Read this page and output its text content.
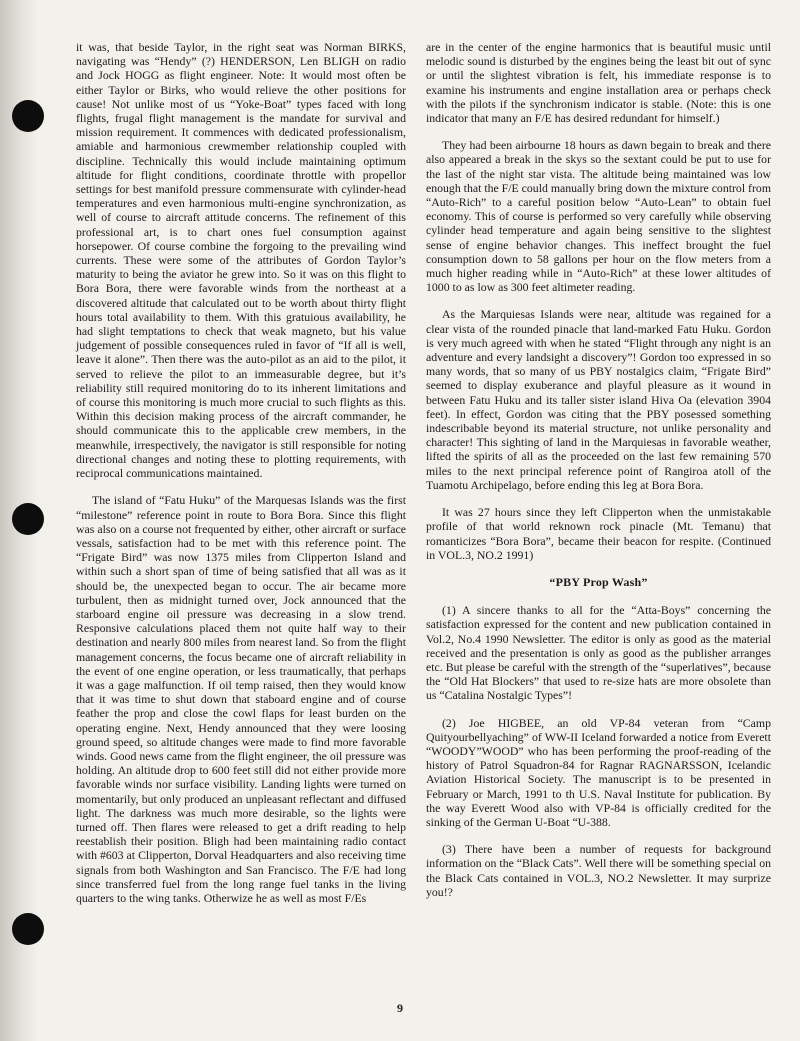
it was, that beside Taylor, in the right seat was Norman BIRKS, navigating was “Hendy” (?) HENDERSON, Len BLIGH on radio and Jock HOGG as flight engineer. Note: It would most often be either Taylor or Birks, who would relieve the other positions for cause! Not unlike most of us “Yoke-Boat” types faced with long flights, frugal flight management is the mandate for survival and mission requirement. It commences with dedicated professionalism, amiable and harmonious crewmember relationship coupled with discipline. Technically this would include maintaining optimum altitude for flight conditions, coordinate throttle with propellor settings for best manifold pressure commensurate with cylinder-head temperatures and even harmonious multi-engine synchronization, as well of course to aircraft attitude concerns. The refinement of this professional art, is to chart ones fuel consumption against horsepower. Of course combine the forgoing to the prevailing wind currents. These were some of the attributes of Gordon Taylor’s maturity to being the aviator he grew into. So it was on this flight to Bora Bora, there were favorable winds from the northeast at a discovered altitude that calculated out to be worth about thirty flight hours total availability to them. With this gratuious availability, he had slight temptations to check that weak magneto, but his value judgement of possible consequences ruled in favor of “If all is well, leave it alone”. Then there was the auto-pilot as an aid to the pilot, it served to relieve the pilot to an immeasurable degree, but it’s reliability still required monitoring do to its inherent limitations and of course this monitoring is much more crucial to such flights as this. Within this decision making process of the aircraft commander, he should communicate this to the applicable crew members, in the meanwhile, irrespectively, the navigator is still responsible for noting directional changes and noting these to plotting requirements, with reciprocal communications maintained.

The island of “Fatu Huku” of the Marquesas Islands was the first “milestone” reference point in route to Bora Bora. Since this flight was also on a course not frequented by either, other aircraft or surface vessals, satisfaction had to be met with this reference point. The “Frigate Bird” was now 1375 miles from Clipperton Island and within such a short span of time of being satisfied that all was as it should be, the unexpected began to occur. The air became more turbulent, then as midnight turned over, Jock announced that the starboard engine oil pressure was decreasing in a slow trend. Responsive calculations placed them not quite half way to their destination and nearly 800 miles from nearest land. So from the flight management concerns, the focus became one of aircraft reliability in the event of one engine operation, or less traumatically, that perhaps it was a gage malfunction. If oil temp raised, then they would know that it was time to shut down that staboard engine and of course feather the prop and close the cowl flaps for least burden on the operating engine. Next, Hendy announced that they were loosing ground speed, so altitude changes were made to find more favorable winds. Good news came from the flight engineer, the oil pressure was holding. An altitude drop to 600 feet still did not either provide more favorable winds nor surface visibility. Landing lights were turned on momentarily, but only produced an unpleasant reflectant and diffused light. The darkness was much more desirable, so the lights were turned off. Then flares were released to get a drift reading to help reestablish their position. Bligh had been maintaining radio contact with #603 at Clipperton, Dorval Headquarters and also receiving time signals from both Washington and San Francisco. The F/E had long since transferred fuel from the long range fuel tanks in the living quarters to the wing tanks. Otherwize he as well as most F/Es

are in the center of the engine harmonics that is beautiful music until melodic sound is disturbed by the engines being the least bit out of sync or until the slightest vibration is felt, his immediate response is to examine his instruments and engine installation area or perhaps check with the pilots if the synchronism indicator is stable. (Note: this is one indicator that many an F/E has desired redundant for himself.)

They had been airbourne 18 hours as dawn begain to break and there also appeared a break in the skys so the sextant could be put to use for the last of the night star vista. The altitude being maintained was low enough that the F/E could manually bring down the mixture control from “Auto-Rich” to a careful position below “Auto-Lean” to obtain fuel economy. This of course is performed so very carefully while observing cylinder head temperature and again being sensitive to the slightest sense of engine behavior changes. This ineffect brought the fuel consumption down to 58 gallons per hour on the flow meters from a much higher reading while in “Auto-Rich” at these lower altitudes of 1000 to as low as 300 feet altimeter reading.

As the Marquiesas Islands were near, altitude was regained for a clear vista of the rounded pinacle that land-marked Fatu Huku. Gordon is very much agreed with when he stated “Flight through any night is an adventure and every landsight a discovery”! Gordon too expressed in so many words, that so many of us PBY nostalgics claim, “Frigate Bird” seemed to display exuberance and playful pleasure as it wound in between Fatu Huku and its taller sister island Hiva Oa (elevation 3904 feet). In effect, Gordon was citing that the PBY posessed something indescribable beyond its material structure, not unlike personality and character! This sighting of land in the Marquiesas in favorable weather, lifted the spirits of all as the proceeded on the last few remaining 570 miles to the next principal reference point of Rangiroa atoll of the Tuamotu Archipelago, before ending this leg at Bora Bora.

It was 27 hours since they left Clipperton when the unmistakable profile of that world reknown rock pinacle (Mt. Temanu) that romanticizes “Bora Bora”, became their beacon for respite. (Continued in VOL.3, NO.2 1991)

“PBY Prop Wash”

(1) A sincere thanks to all for the “Atta-Boys” concerning the satisfaction expressed for the content and new publication contained in Vol.2, No.4 1990 Newsletter. The editor is only as good as the material received and the presentation is only as good as the publisher arranges etc. But please be careful with the strength of the “superlatives”, because the “Old Hat Blockers” that used to re-size hats are more obsolete than us “Catalina Nostalgic Types”!

(2) Joe HIGBEE, an old VP-84 veteran from “Camp Quityourbellyaching” of WW-II Iceland forwarded a notice from Everett “WOODY”WOOD” who has been performing the proof-reading of the history of Patrol Squadron-84 for Ragnar RAGNARSSON, Icelandic Aviation Historical Society. The manuscript is to be presented in February or March, 1991 to th U.S. Naval Institute for publication. By the way Everett Wood also with VP-84 is officially credited for the sinking of the German U-Boat “U-388.

(3) There have been a number of requests for background information on the “Black Cats”. Well there will be something special on the Black Cats contained in VOL.3, NO.2 Newsletter. It may surprize you!?

9
